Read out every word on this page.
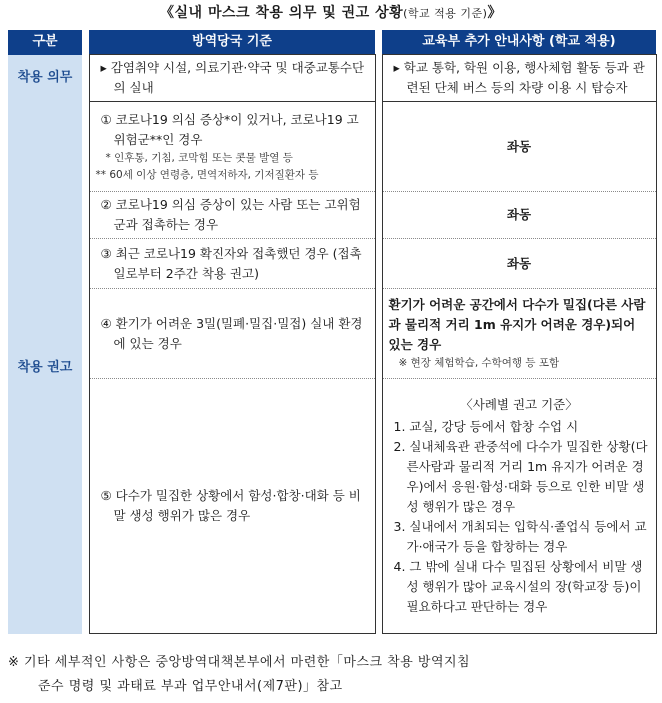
《실내 마스크 착용 의무 및 권고 상황(학교 적용 기준)》
구분		방역당국 기준		교육부 추가 안내사항 (학교 적용)
착용 의무		▸ 감염취약 시설, 의료기관·약국 및 대중교통수단의 실내		▸ 학교 통학, 학원 이용, 행사체험 활동 등과 관련된 단체 버스 등의 차량 이용 시 탑승자

착용 권고		① 코로나19 의심 증상*이 있거나, 코로나19 고위험군**인 경우
* 인후통, 기침, 코막힘 또는 콧물 발열 등
** 60세 이상 연령층, 면역저하자, 기저질환자 등		좌동

		② 코로나19 의심 증상이 있는 사람 또는 고위험군과 접촉하는 경우		좌동

		③ 최근 코로나19 확진자와 접촉했던 경우 (접촉일로부터 2주간 착용 권고)		좌동

		④ 환기가 어려운 3밀(밀폐·밀집·밀접) 실내 환경에 있는 경우		환기가 어려운 공간에서 다수가 밀집(다른 사람과 물리적 거리 1m 유지가 어려운 경우)되어 있는 경우
※ 현장 체험학습, 수학여행 등 포함

		⑤ 다수가 밀집한 상황에서 함성·합창·대화 등 비말 생성 행위가 많은 경우		〈사례별 권고 기준〉
1. 교실, 강당 등에서 합창 수업 시
2. 실내체육관 관중석에 다수가 밀집한 상황(다른사람과 물리적 거리 1m 유지가 어려운 경우)에서 응원·함성·대화 등으로 인한 비말 생성 행위가 많은 경우
3. 실내에서 개최되는 입학식·졸업식 등에서 교가·애국가 등을 합창하는 경우
4. 그 밖에 실내 다수 밀집된 상황에서 비말 생성 행위가 많아 교육시설의 장(학교장 등)이 필요하다고 판단하는 경우
※ 기타 세부적인 사항은 중앙방역대책본부에서 마련한「마스크 착용 방역지침
준수 명령 및 과태료 부과 업무안내서(제7판)」참고
